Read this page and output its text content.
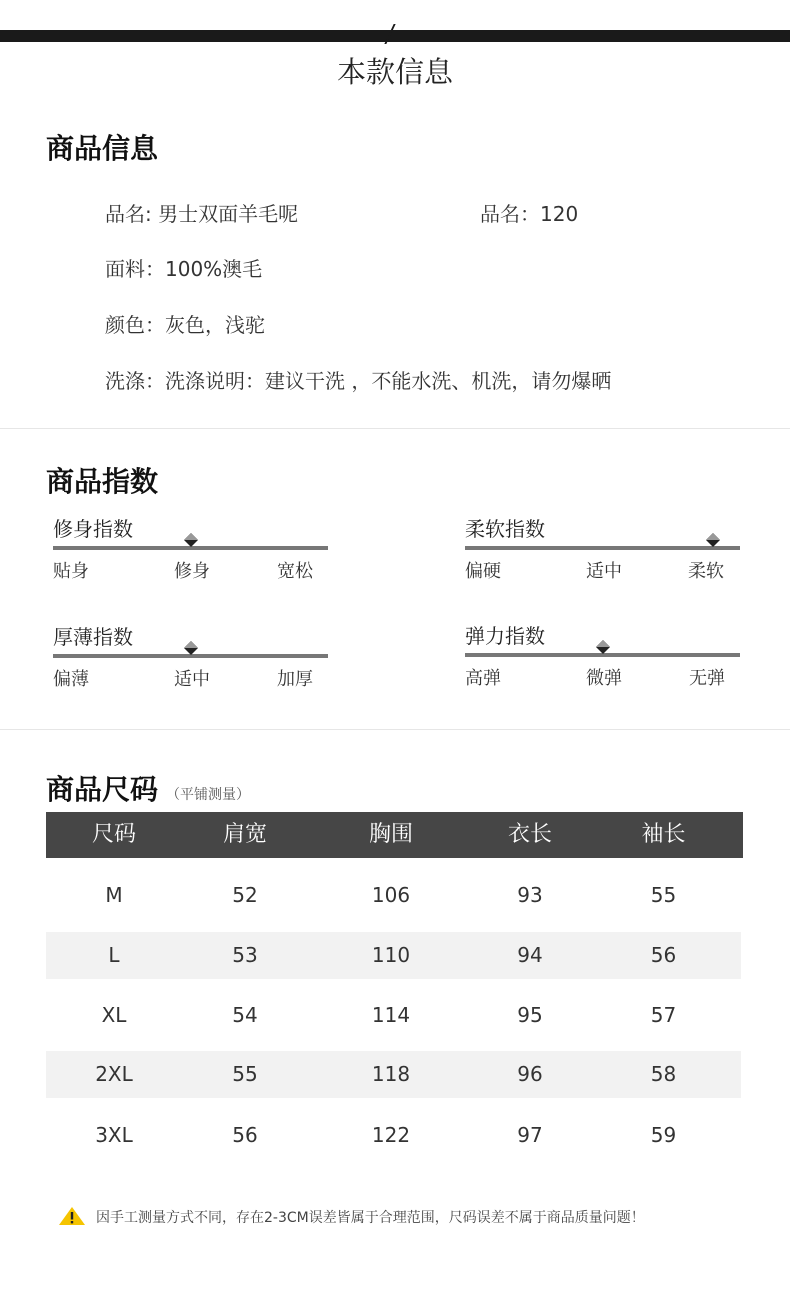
本款信息
商品信息
品名: 男士双面羊毛呢	品名：120
面料：100%澳毛
颜色：灰色，浅驼
洗涤：洗涤说明：建议干洗 ，不能水洗、机洗，请勿爆晒
商品指数
修身指数
贴身	修身	宽松
柔软指数
偏硬	适中	柔软
厚薄指数
偏薄	适中	加厚
弹力指数
高弹	微弹	无弹
商品尺码 （平铺测量）
尺码	肩宽	胸围	衣长	袖长
M	52	106	93	55
L	53	110	94	56
XL	54	114	95	57
2XL	55	118	96	58
3XL	56	122	97	59
因手工测量方式不同，存在2-3CM误差皆属于合理范围，尺码误差不属于商品质量问题！
